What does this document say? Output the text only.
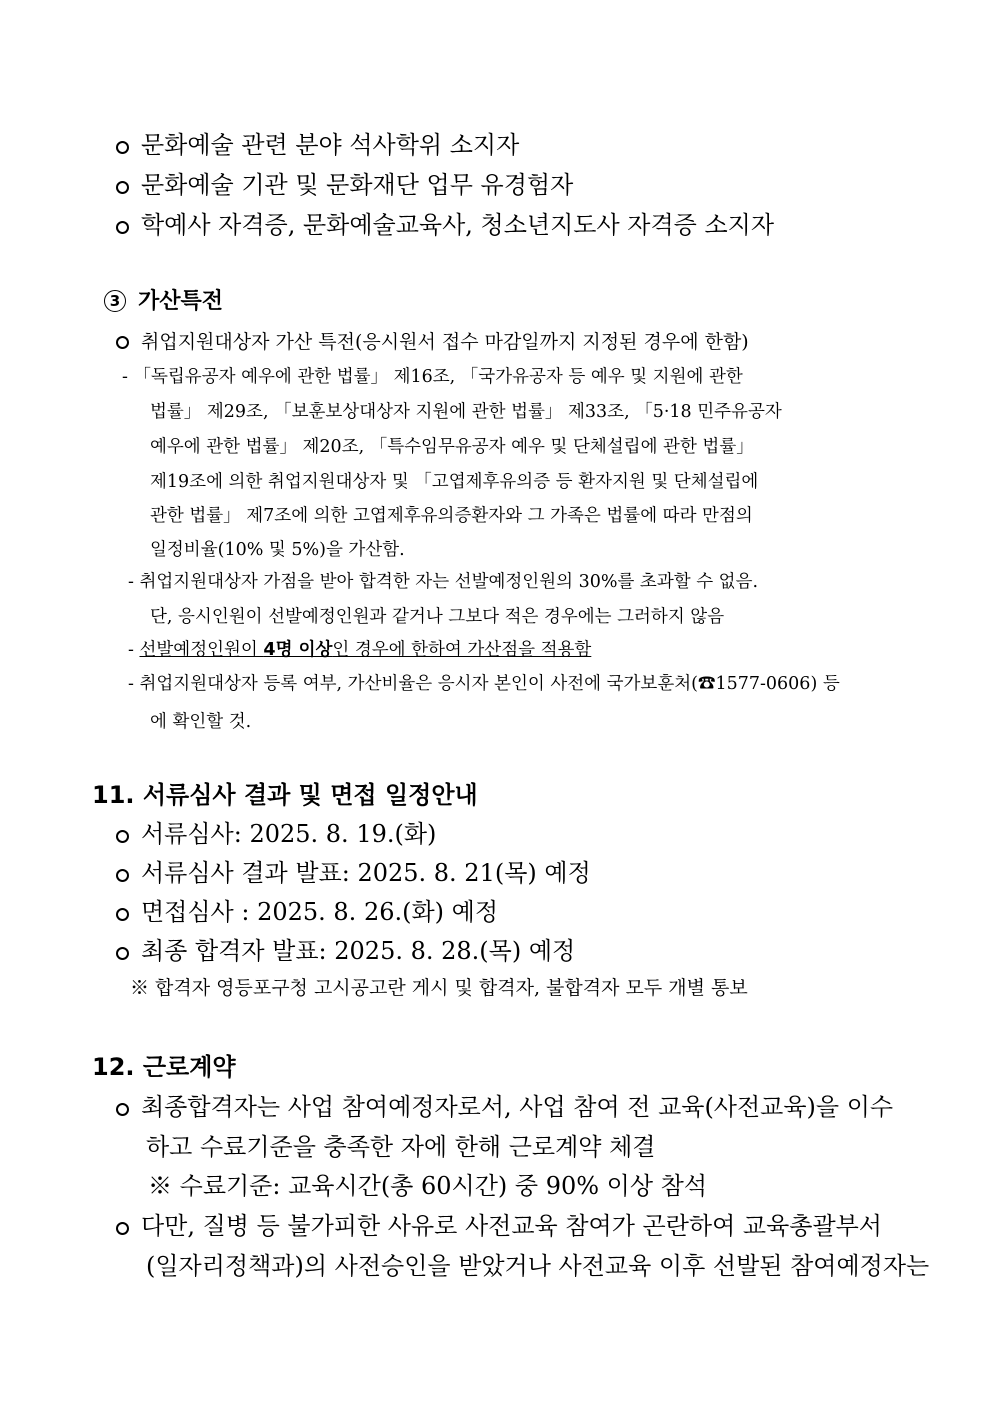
문화예술 관련 분야 석사학위 소지자
문화예술 기관 및 문화재단 업무 유경험자
학예사 자격증, 문화예술교육사, 청소년지도사 자격증 소지자
3 가산특전
취업지원대상자 가산 특전(응시원서 접수 마감일까지 지정된 경우에 한함)
- 「독립유공자 예우에 관한 법률」 제16조, 「국가유공자 등 예우 및 지원에 관한
법률」 제29조, 「보훈보상대상자 지원에 관한 법률」 제33조, 「5·18 민주유공자
예우에 관한 법률」 제20조, 「특수임무유공자 예우 및 단체설립에 관한 법률」
제19조에 의한 취업지원대상자 및 「고엽제후유의증 등 환자지원 및 단체설립에
관한 법률」 제7조에 의한 고엽제후유의증환자와 그 가족은 법률에 따라 만점의
일정비율(10% 및 5%)을 가산함.
- 취업지원대상자 가점을 받아 합격한 자는 선발예정인원의 30%를 초과할 수 없음.
단, 응시인원이 선발예정인원과 같거나 그보다 적은 경우에는 그러하지 않음
- 선발예정인원이 4명 이상인 경우에 한하여 가산점을 적용함
- 취업지원대상자 등록 여부, 가산비율은 응시자 본인이 사전에 국가보훈처(☎1577-0606) 등
에 확인할 것.
11. 서류심사 결과 및 면접 일정안내
서류심사: 2025. 8. 19.(화)
서류심사 결과 발표: 2025. 8. 21(목) 예정
면접심사 : 2025. 8. 26.(화) 예정
최종 합격자 발표: 2025. 8. 28.(목) 예정
※ 합격자 영등포구청 고시공고란 게시 및 합격자, 불합격자 모두 개별 통보
12. 근로계약
최종합격자는 사업 참여예정자로서, 사업 참여 전 교육(사전교육)을 이수
하고 수료기준을 충족한 자에 한해 근로계약 체결
※ 수료기준: 교육시간(총 60시간) 중 90% 이상 참석
다만, 질병 등 불가피한 사유로 사전교육 참여가 곤란하여 교육총괄부서
(일자리정책과)의 사전승인을 받았거나 사전교육 이후 선발된 참여예정자는
